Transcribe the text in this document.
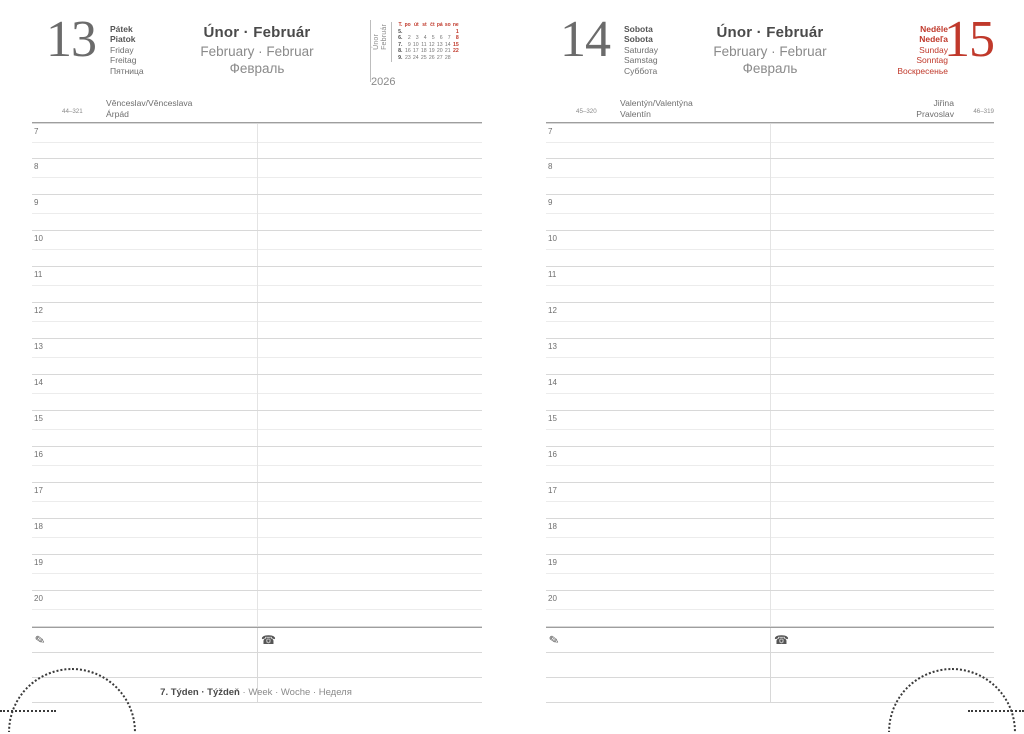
13 Pátek
Piatok
Friday
Freitag
Пятница
Únor · Február
February · Februar
Февраль
Únor
Február
2026
T.	po	út	st	čt	pá	so	ne
5.							1
6.	2	3	4	5	6	7	8
7.	9	10	11	12	13	14	15
8.	16	17	18	19	20	21	22
9.	23	24	25	26	27	28	
Věnceslav/Věnceslava
Árpád
44–321
7
8
9
10
11
12
13
14
15
16
17
18
19
20
✎	☎
7. Týden · Týždeň · Week · Woche · Неделя
14	15
Sobota
Sobota
Saturday
Samstag
Суббота
Neděle
Nedeľa
Sunday
Sonntag
Воскресенье
Únor · Február
February · Februar
Февраль
Valentýn/Valentýna
Valentín
Jiřina
Pravoslav
45–320	46–319
7
8
9
10
11
12
13
14
15
16
17
18
19
20
✎	☎
